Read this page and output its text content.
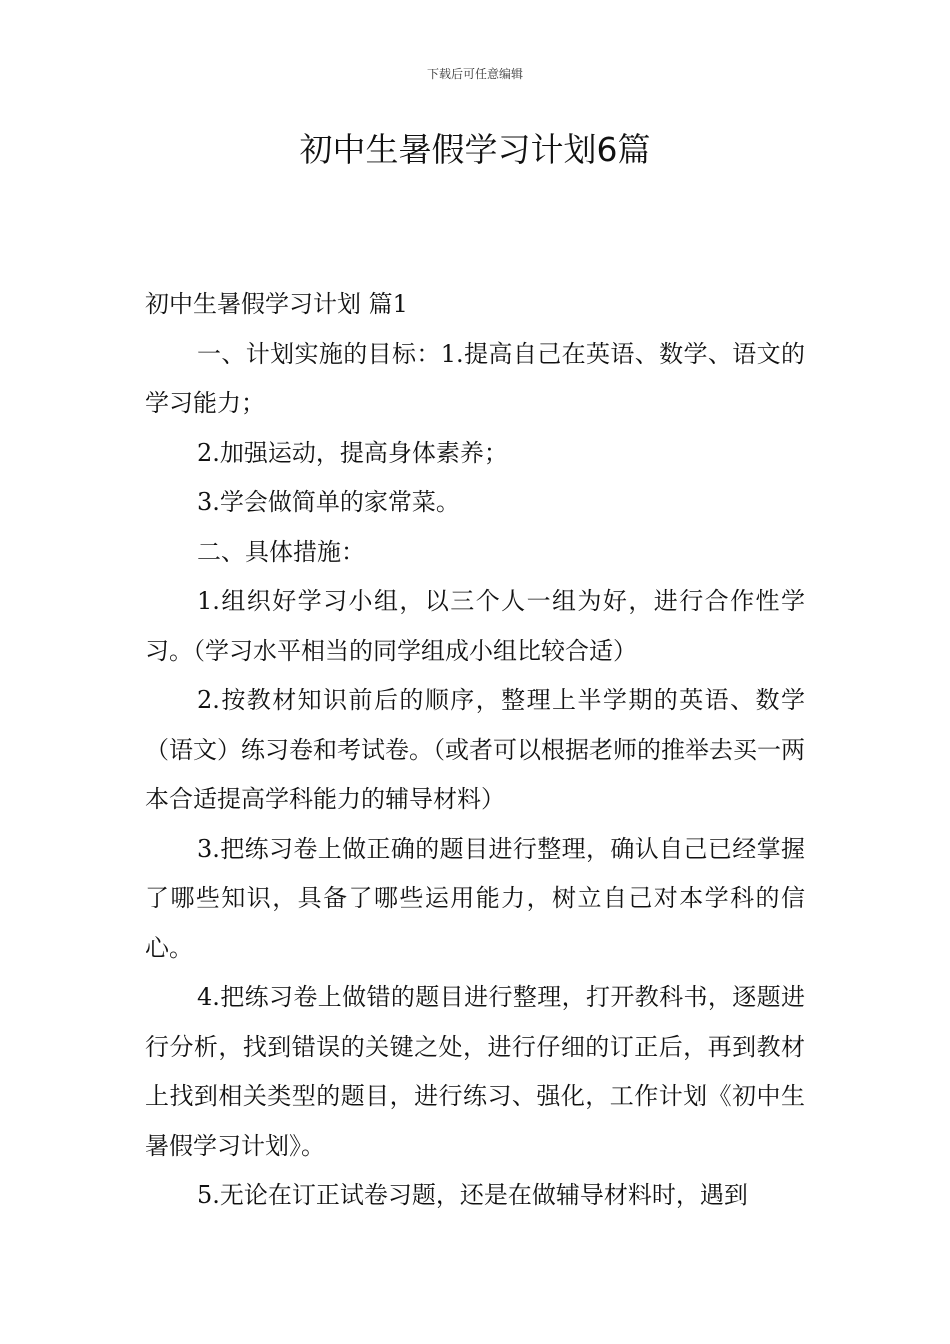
下载后可任意编辑
初中生暑假学习计划6篇

初中生暑假学习计划 篇1

一、计划实施的目标：1.提高自己在英语、数学、语文的学习能力；

2.加强运动，提高身体素养；

3.学会做简单的家常菜。

二、具体措施：

1.组织好学习小组，以三个人一组为好，进行合作性学习。（学习水平相当的同学组成小组比较合适）

2.按教材知识前后的顺序，整理上半学期的英语、数学（语文）练习卷和考试卷。（或者可以根据老师的推举去买一两本合适提高学科能力的辅导材料）

3.把练习卷上做正确的题目进行整理，确认自己已经掌握了哪些知识，具备了哪些运用能力，树立自己对本学科的信心。

4.把练习卷上做错的题目进行整理，打开教科书，逐题进行分析，找到错误的关键之处，进行仔细的订正后，再到教材上找到相关类型的题目，进行练习、强化，工作计划《初中生暑假学习计划》。

5.无论在订正试卷习题，还是在做辅导材料时，遇到
